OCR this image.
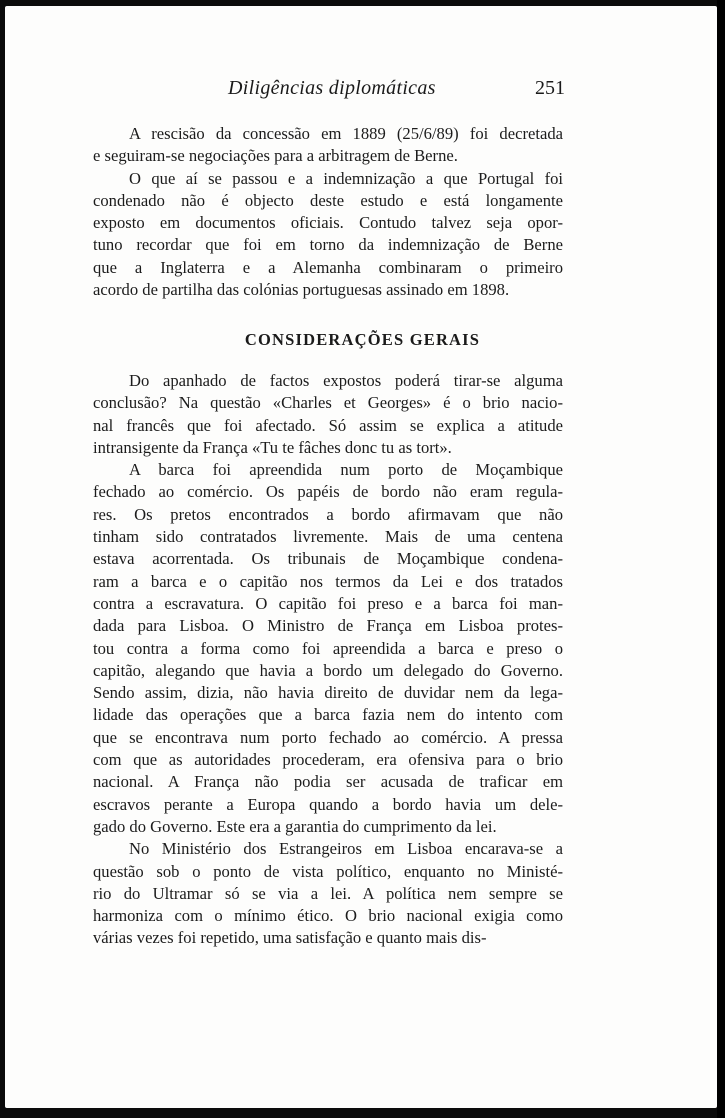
Diligências diplomáticas	251
A rescisão da concessão em 1889 (25/6/89) foi decretada
e seguiram-se negociações para a arbitragem de Berne.
O que aí se passou e a indemnização a que Portugal foi
condenado não é objecto deste estudo e está longamente
exposto em documentos oficiais. Contudo talvez seja opor-
tuno recordar que foi em torno da indemnização de Berne
que a Inglaterra e a Alemanha combinaram o primeiro
acordo de partilha das colónias portuguesas assinado em 1898.
CONSIDERAÇÕES GERAIS
Do apanhado de factos expostos poderá tirar-se alguma
conclusão? Na questão «Charles et Georges» é o brio nacio-
nal francês que foi afectado. Só assim se explica a atitude
intransigente da França «Tu te fâches donc tu as tort».
A barca foi apreendida num porto de Moçambique
fechado ao comércio. Os papéis de bordo não eram regula-
res. Os pretos encontrados a bordo afirmavam que não
tinham sido contratados livremente. Mais de uma centena
estava acorrentada. Os tribunais de Moçambique condena-
ram a barca e o capitão nos termos da Lei e dos tratados
contra a escravatura. O capitão foi preso e a barca foi man-
dada para Lisboa. O Ministro de França em Lisboa protes-
tou contra a forma como foi apreendida a barca e preso o
capitão, alegando que havia a bordo um delegado do Governo.
Sendo assim, dizia, não havia direito de duvidar nem da lega-
lidade das operações que a barca fazia nem do intento com
que se encontrava num porto fechado ao comércio. A pressa
com que as autoridades procederam, era ofensiva para o brio
nacional. A França não podia ser acusada de traficar em
escravos perante a Europa quando a bordo havia um dele-
gado do Governo. Este era a garantia do cumprimento da lei.
No Ministério dos Estrangeiros em Lisboa encarava-se a
questão sob o ponto de vista político, enquanto no Ministé-
rio do Ultramar só se via a lei. A política nem sempre se
harmoniza com o mínimo ético. O brio nacional exigia como
várias vezes foi repetido, uma satisfação e quanto mais dis-
